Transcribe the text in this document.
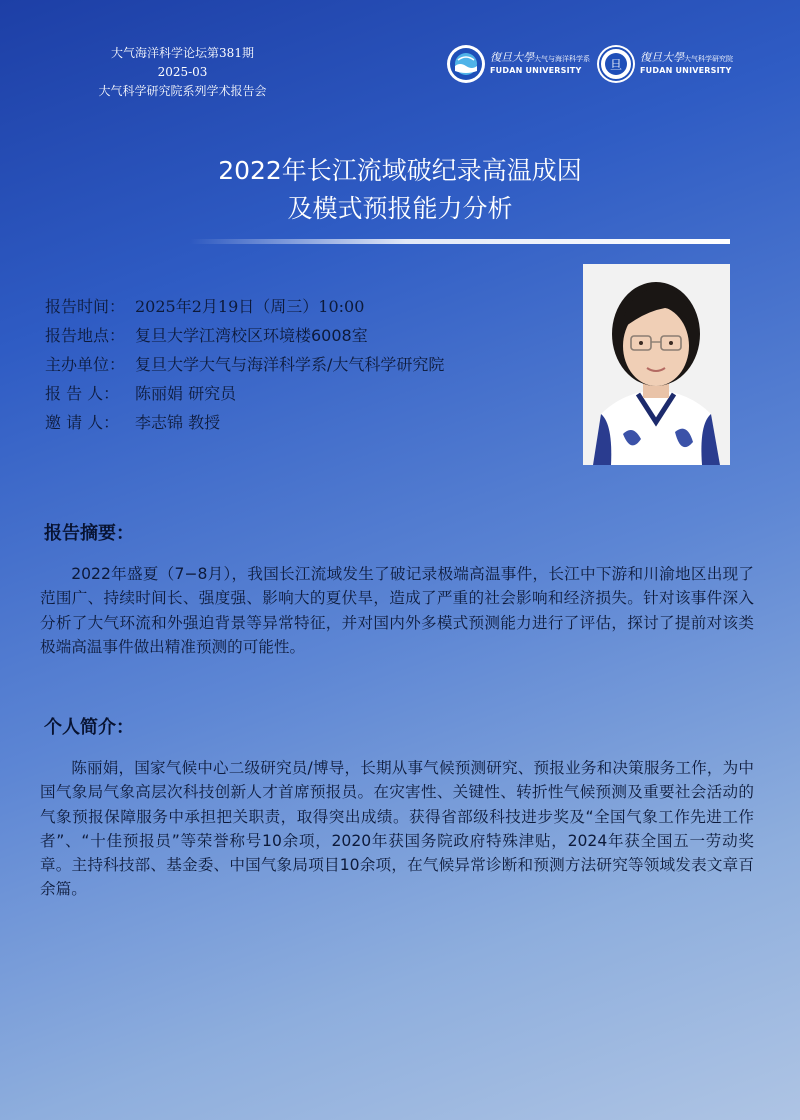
大气海洋科学论坛第381期
2025-03
大气科学研究院系列学术报告会
復旦大學大气与海洋科学系
FUDAN UNIVERSITY	旦
復旦大學大气科学研究院
FUDAN UNIVERSITY
2022年长江流域破纪录高温成因
及模式预报能力分析
报告时间： 2025年2月19日（周三）10:00
报告地点： 复旦大学江湾校区环境楼6008室
主办单位： 复旦大学大气与海洋科学系/大气科学研究院
报 告 人： 陈丽娟 研究员
邀 请 人： 李志锦 教授
报告摘要：
2022年盛夏（7−8月），我国长江流域发生了破记录极端高温事件，长江中下游和川渝地区出现了范围广、持续时间长、强度强、影响大的夏伏旱，造成了严重的社会影响和经济损失。针对该事件深入分析了大气环流和外强迫背景等异常特征，并对国内外多模式预测能力进行了评估，探讨了提前对该类极端高温事件做出精准预测的可能性。
个人简介：
陈丽娟，国家气候中心二级研究员/博导，长期从事气候预测研究、预报业务和决策服务工作，为中国气象局气象高层次科技创新人才首席预报员。在灾害性、关键性、转折性气候预测及重要社会活动的气象预报保障服务中承担把关职责，取得突出成绩。获得省部级科技进步奖及“全国气象工作先进工作者”、“十佳预报员”等荣誉称号10余项，2020年获国务院政府特殊津贴，2024年获全国五一劳动奖章。主持科技部、基金委、中国气象局项目10余项，在气候异常诊断和预测方法研究等领域发表文章百余篇。
